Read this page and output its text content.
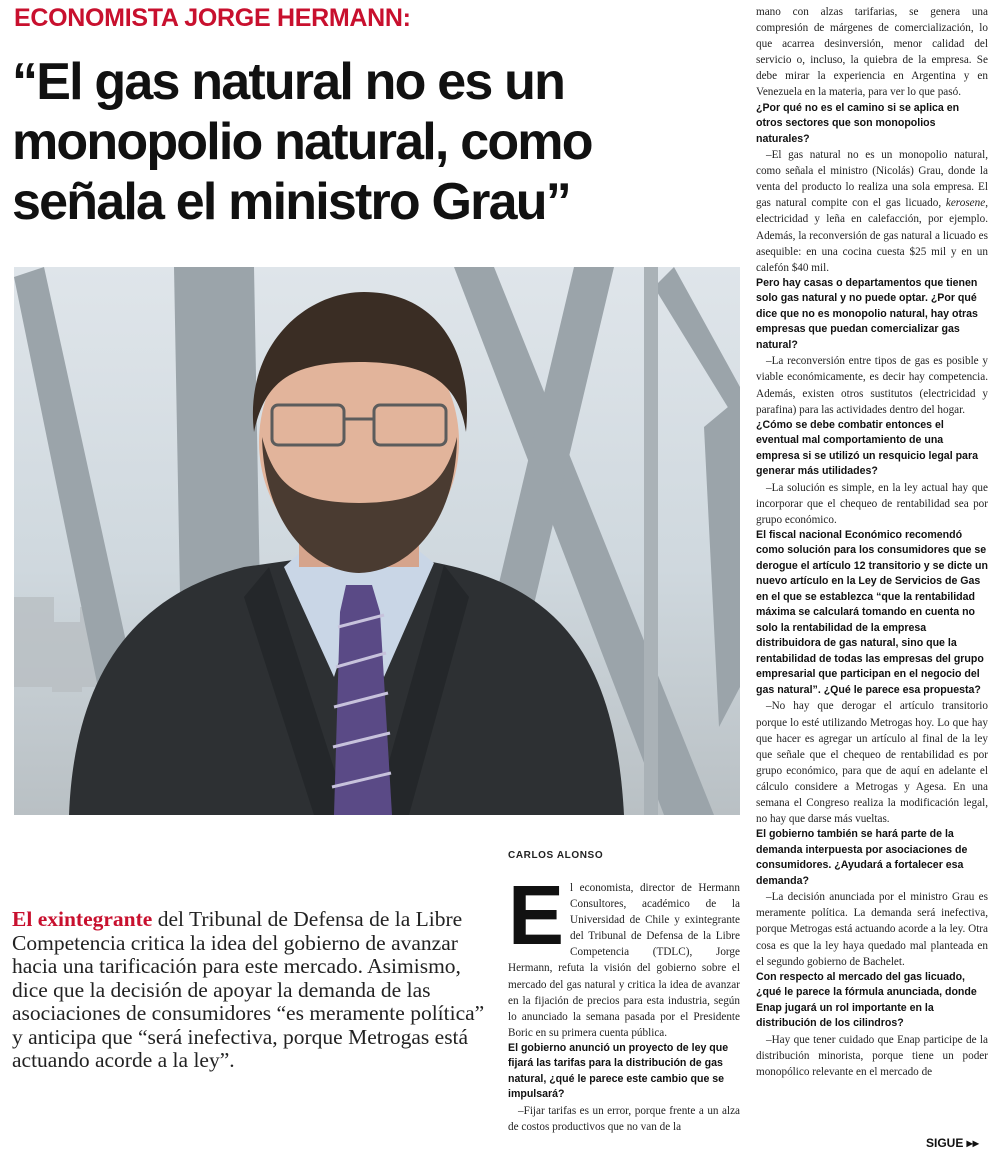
ECONOMISTA JORGE HERMANN:
“El gas natural no es un monopolio natural, como señala el ministro Grau”
CARLOS ALONSO
El exintegrante del Tribunal de Defensa de la Libre Competencia critica la idea del gobierno de avanzar hacia una tarificación para este mercado. Asimismo, dice que la decisión de apoyar la demanda de las asociaciones de consumidores “es meramente política” y anticipa que “será inefectiva, porque Metrogas está actuando acorde a la ley”.

El economista, director de Hermann Consultores, académico de la Universidad de Chile y exintegrante del Tribunal de Defensa de la Libre Competencia (TDLC), Jorge Hermann, refuta la visión del gobierno sobre el mercado del gas natural y critica la idea de avanzar en la fijación de precios para esta industria, según lo anunciado la semana pasada por el Presidente Boric en su primera cuenta pública.

El gobierno anunció un proyecto de ley que fijará las tarifas para la distribución de gas natural, ¿qué le parece este cambio que se impulsará?

–Fijar tarifas es un error, porque frente a un alza de costos productivos que no van de la

mano con alzas tarifarias, se genera una compresión de márgenes de comercialización, lo que acarrea desinversión, menor calidad del servicio o, incluso, la quiebra de la empresa. Se debe mirar la experiencia en Argentina y en Venezuela en la materia, para ver lo que pasó.

¿Por qué no es el camino si se aplica en otros sectores que son monopolios naturales?

–El gas natural no es un monopolio natural, como señala el ministro (Nicolás) Grau, donde la venta del producto lo realiza una sola empresa. El gas natural compite con el gas licuado, kerosene, electricidad y leña en calefacción, por ejemplo. Además, la reconversión de gas natural a licuado es asequible: en una cocina cuesta $25 mil y en un calefón $40 mil.

Pero hay casas o departamentos que tienen solo gas natural y no puede optar. ¿Por qué dice que no es monopolio natural, hay otras empresas que puedan comercializar gas natural?

–La reconversión entre tipos de gas es posible y viable económicamente, es decir hay competencia. Además, existen otros sustitutos (electricidad y parafina) para las actividades dentro del hogar.

¿Cómo se debe combatir entonces el eventual mal comportamiento de una empresa si se utilizó un resquicio legal para generar más utilidades?

–La solución es simple, en la ley actual hay que incorporar que el chequeo de rentabilidad sea por grupo económico.

El fiscal nacional Económico recomendó como solución para los consumidores que se derogue el artículo 12 transitorio y se dicte un nuevo artículo en la Ley de Servicios de Gas en el que se establezca “que la rentabilidad máxima se calculará tomando en cuenta no solo la rentabilidad de la empresa distribuidora de gas natural, sino que la rentabilidad de todas las empresas del grupo empresarial que participan en el negocio del gas natural”. ¿Qué le parece esa propuesta?

–No hay que derogar el artículo transitorio porque lo esté utilizando Metrogas hoy. Lo que hay que hacer es agregar un artículo al final de la ley que señale que el chequeo de rentabilidad es por grupo económico, para que de aquí en adelante el cálculo considere a Metrogas y Agesa. En una semana el Congreso realiza la modificación legal, no hay que darse más vueltas.

El gobierno también se hará parte de la demanda interpuesta por asociaciones de consumidores. ¿Ayudará a fortalecer esa demanda?

–La decisión anunciada por el ministro Grau es meramente política. La demanda será inefectiva, porque Metrogas está actuando acorde a la ley. Otra cosa es que la ley haya quedado mal planteada en el segundo gobierno de Bachelet.

Con respecto al mercado del gas licuado, ¿qué le parece la fórmula anunciada, donde Enap jugará un rol importante en la distribución de los cilindros?

–Hay que tener cuidado que Enap participe de la distribución minorista, porque tiene un poder monopólico relevante en el mercado de

SIGUE ▸▸
